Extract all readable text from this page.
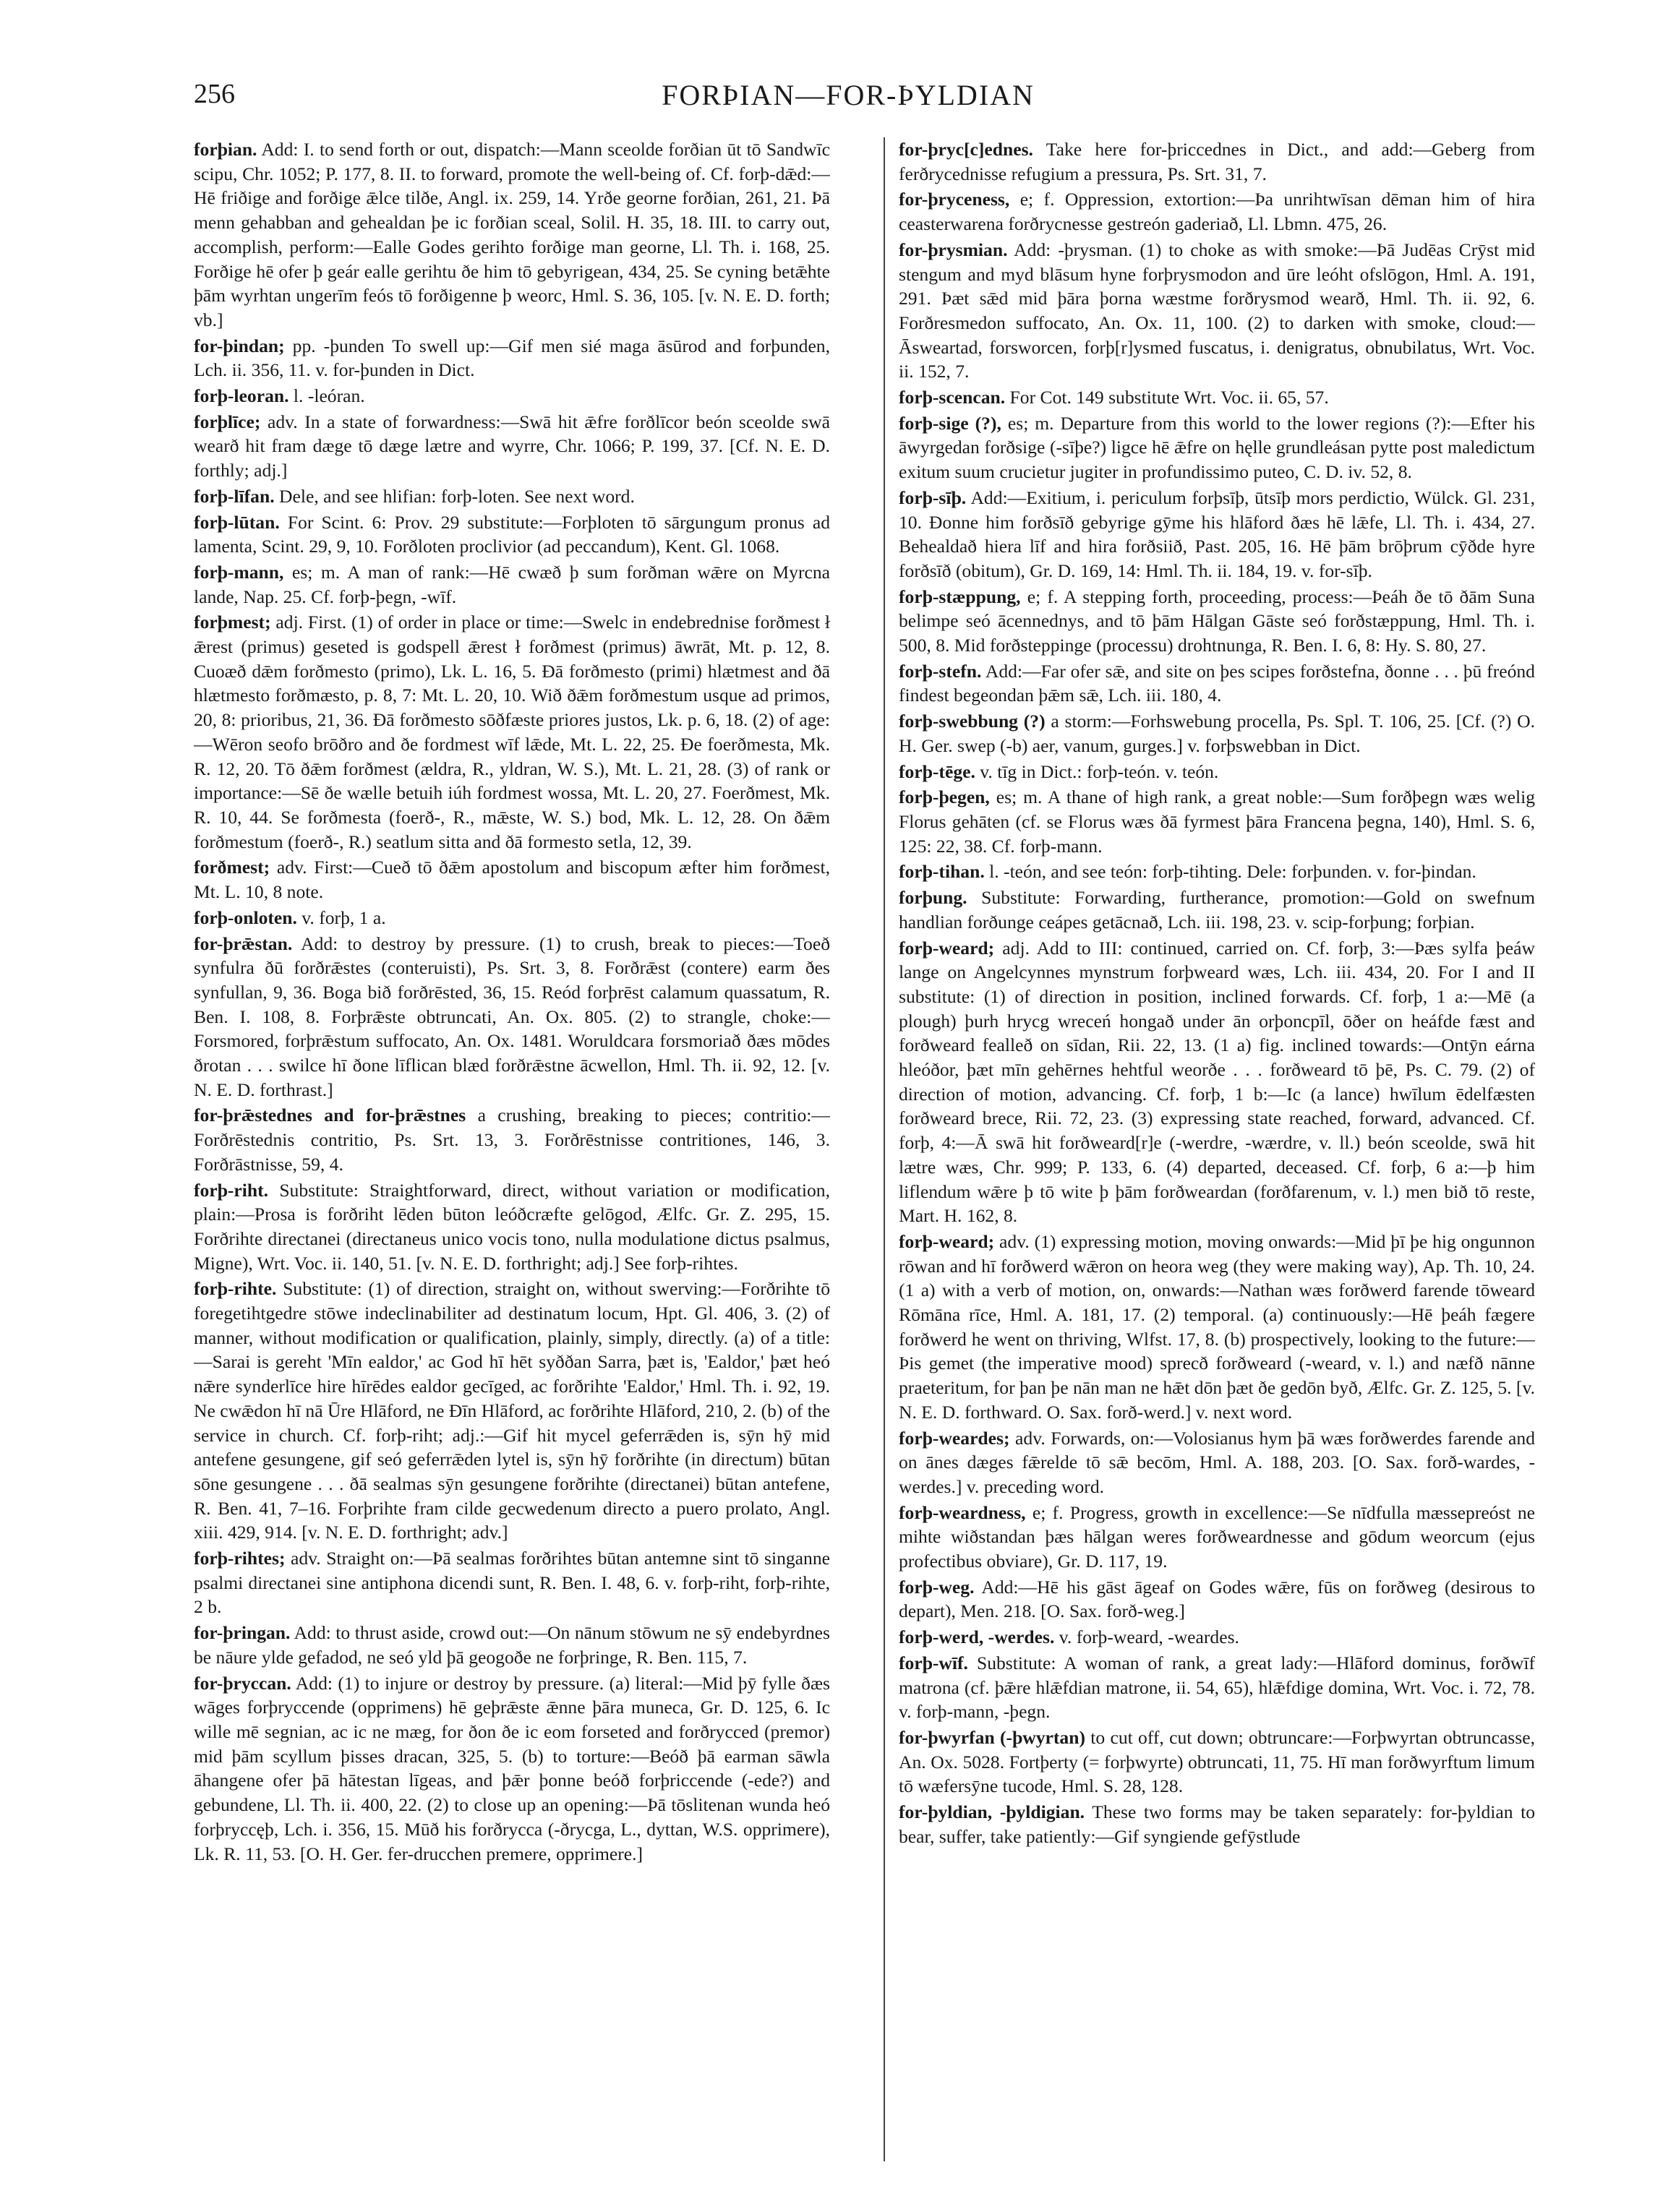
256	FORÞIAN—FOR-ÞYLDIAN

forþian. Add: I. to send forth or out, dispatch:—Mann sceolde forðian ūt tō Sandwīc scipu, Chr. 1052; P. 177, 8. II. to forward, promote the well-being of. Cf. forþ-dǣd:—Hē friðige and forðige ǣlce tilðe, Angl. ix. 259, 14. Yrðe georne forðian, 261, 21. Þā menn gehabban and gehealdan þe ic forðian sceal, Solil. H. 35, 18. III. to carry out, accomplish, perform:—Ealle Godes gerihto forðige man georne, Ll. Th. i. 168, 25. Forðige hē ofer þ geár ealle gerihtu ðe him tō gebyrigean, 434, 25. Se cyning betǣhte þām wyrhtan ungerīm feós tō forðigenne þ weorc, Hml. S. 36, 105. [v. N. E. D. forth; vb.]

for-þindan; pp. -þunden To swell up:—Gif men sié maga āsūrod and forþunden, Lch. ii. 356, 11. v. for-þunden in Dict.

forþ-leoran. l. -leóran.

forþlīce; adv. In a state of forwardness:—Swā hit ǣfre forðlīcor beón sceolde swā wearð hit fram dæge tō dæge lætre and wyrre, Chr. 1066; P. 199, 37. [Cf. N. E. D. forthly; adj.]

forþ-līfan. Dele, and see hlifian: forþ-loten. See next word.

forþ-lūtan. For Scint. 6: Prov. 29 substitute:—Forþloten tō sārgungum pronus ad lamenta, Scint. 29, 9, 10. Forðloten proclivior (ad peccandum), Kent. Gl. 1068.

forþ-mann, es; m. A man of rank:—Hē cwæð þ sum forðman wǣre on Myrcna lande, Nap. 25. Cf. forþ-þegn, -wīf.

forþmest; adj. First. (1) of order in place or time:—Swelc in endebrednise forðmest ł ǣrest (primus) geseted is godspell ǣrest ł forðmest (primus) āwrāt, Mt. p. 12, 8. Cuoæð dǣm forðmesto (primo), Lk. L. 16, 5. Ðā forðmesto (primi) hlætmest and ðā hlætmesto forðmæsto, p. 8, 7: Mt. L. 20, 10. Wið ðǣm forðmestum usque ad primos, 20, 8: prioribus, 21, 36. Ðā forðmesto sōðfæste priores justos, Lk. p. 6, 18. (2) of age:—Wēron seofo brōðro and ðe fordmest wīf lǣde, Mt. L. 22, 25. Ðe foerðmesta, Mk. R. 12, 20. Tō ðǣm forðmest (ældra, R., yldran, W. S.), Mt. L. 21, 28. (3) of rank or importance:—Sē ðe wælle betuih iúh fordmest wossa, Mt. L. 20, 27. Foerðmest, Mk. R. 10, 44. Se forðmesta (foerð-, R., mǣste, W. S.) bod, Mk. L. 12, 28. On ðǣm forðmestum (foerð-, R.) seatlum sitta and ðā formesto setla, 12, 39.

forðmest; adv. First:—Cueð tō ðǣm apostolum and biscopum æfter him forðmest, Mt. L. 10, 8 note.

forþ-onloten. v. forþ, 1 a.

for-þrǣstan. Add: to destroy by pressure. (1) to crush, break to pieces:—Toeð synfulra ðū forðrǣstes (conteruisti), Ps. Srt. 3, 8. Forðrǣst (contere) earm ðes synfullan, 9, 36. Boga bið forðrēsted, 36, 15. Reód forþrēst calamum quassatum, R. Ben. I. 108, 8. Forþrǣste obtruncati, An. Ox. 805. (2) to strangle, choke:—Forsmored, forþrǣstum suffocato, An. Ox. 1481. Woruldcara forsmoriað ðæs mōdes ðrotan . . . swilce hī ðone līflican blæd forðrǣstne ācwellon, Hml. Th. ii. 92, 12. [v. N. E. D. forthrast.]

for-þrǣstednes and for-þrǣstnes a crushing, breaking to pieces; contritio:—Forðrēstednis contritio, Ps. Srt. 13, 3. Forðrēstnisse contritiones, 146, 3. Forðrāstnisse, 59, 4.

forþ-riht. Substitute: Straightforward, direct, without variation or modification, plain:—Prosa is forðriht lēden būton leóðcræfte gelōgod, Ælfc. Gr. Z. 295, 15. Forðrihte directanei (directaneus unico vocis tono, nulla modulatione dictus psalmus, Migne), Wrt. Voc. ii. 140, 51. [v. N. E. D. forthright; adj.] See forþ-rihtes.

forþ-rihte. Substitute: (1) of direction, straight on, without swerving:—Forðrihte tō foregetihtgedre stōwe indeclinabiliter ad destinatum locum, Hpt. Gl. 406, 3. (2) of manner, without modification or qualification, plainly, simply, directly. (a) of a title:—Sarai is gereht 'Mīn ealdor,' ac God hī hēt syððan Sarra, þæt is, 'Ealdor,' þæt heó nǣre synderlīce hire hīrēdes ealdor gecīged, ac forðrihte 'Ealdor,' Hml. Th. i. 92, 19. Ne cwǣdon hī nā Ūre Hlāford, ne Ðīn Hlāford, ac forðrihte Hlāford, 210, 2. (b) of the service in church. Cf. forþ-riht; adj.:—Gif hit mycel geferrǣden is, sȳn hȳ mid antefene gesungene, gif seó geferrǣden lytel is, sȳn hȳ forðrihte (in directum) būtan sōne gesungene . . . ðā sealmas sȳn gesungene forðrihte (directanei) būtan antefene, R. Ben. 41, 7–16. Forþrihte fram cilde gecwedenum directo a puero prolato, Angl. xiii. 429, 914. [v. N. E. D. forthright; adv.]

forþ-rihtes; adv. Straight on:—Þā sealmas forðrihtes būtan antemne sint tō singanne psalmi directanei sine antiphona dicendi sunt, R. Ben. I. 48, 6. v. forþ-riht, forþ-rihte, 2 b.

for-þringan. Add: to thrust aside, crowd out:—On nānum stōwum ne sȳ endebyrdnes be nāure ylde gefadod, ne seó yld þā geogoðe ne forþringe, R. Ben. 115, 7.

for-þryccan. Add: (1) to injure or destroy by pressure. (a) literal:—Mid þȳ fylle ðæs wāges forþryccende (opprimens) hē geþrǣste ǣnne þāra muneca, Gr. D. 125, 6. Ic wille mē segnian, ac ic ne mæg, for ðon ðe ic eom forseted and forðrycced (premor) mid þām scyllum þisses dracan, 325, 5. (b) to torture:—Beóð þā earman sāwla āhangene ofer þā hātestan līgeas, and þǣr þonne beóð forþriccende (-ede?) and gebundene, Ll. Th. ii. 400, 22. (2) to close up an opening:—Þā tōslitenan wunda heó forþryccęþ, Lch. i. 356, 15. Mūð his forðrycca (-ðrycga, L., dyttan, W.S. opprimere), Lk. R. 11, 53. [O. H. Ger. fer-drucchen premere, opprimere.]

for-þryc[c]ednes. Take here for-þriccednes in Dict., and add:—Geberg from ferðrycednisse refugium a pressura, Ps. Srt. 31, 7.

for-þryceness, e; f. Oppression, extortion:—Þa unrihtwīsan dēman him of hira ceasterwarena forðrycnesse gestreón gaderiað, Ll. Lbmn. 475, 26.

for-þrysmian. Add: -þrysman. (1) to choke as with smoke:—Þā Judēas Crȳst mid stengum and myd blāsum hyne forþrysmodon and ūre leóht ofslōgon, Hml. A. 191, 291. Þæt sǣd mid þāra þorna wæstme forðrysmod wearð, Hml. Th. ii. 92, 6. Forðresmedon suffocato, An. Ox. 11, 100. (2) to darken with smoke, cloud:—Āsweartad, forsworcen, forþ[r]ysmed fuscatus, i. denigratus, obnubilatus, Wrt. Voc. ii. 152, 7.

forþ-scencan. For Cot. 149 substitute Wrt. Voc. ii. 65, 57.

forþ-sige (?), es; m. Departure from this world to the lower regions (?):—Efter his āwyrgedan forðsige (-sīþe?) ligce hē ǣfre on hęlle grundleásan pytte post maledictum exitum suum crucietur jugiter in profundissimo puteo, C. D. iv. 52, 8.

forþ-sīþ. Add:—Exitium, i. periculum forþsīþ, ūtsīþ mors perdictio, Wülck. Gl. 231, 10. Ðonne him forðsīð gebyrige gȳme his hlāford ðæs hē lǣfe, Ll. Th. i. 434, 27. Behealdað hiera līf and hira forðsiið, Past. 205, 16. Hē þām brōþrum cȳðde hyre forðsīð (obitum), Gr. D. 169, 14: Hml. Th. ii. 184, 19. v. for-sīþ.

forþ-stæppung, e; f. A stepping forth, proceeding, process:—Þeáh ðe tō ðām Suna belimpe seó ācennednys, and tō þām Hālgan Gāste seó forðstæppung, Hml. Th. i. 500, 8. Mid forðsteppinge (processu) drohtnunga, R. Ben. I. 6, 8: Hy. S. 80, 27.

forþ-stefn. Add:—Far ofer sǣ, and site on þes scipes forðstefna, ðonne . . . þū freónd findest begeondan þǣm sǣ, Lch. iii. 180, 4.

forþ-swebbung (?) a storm:—Forhswebung procella, Ps. Spl. T. 106, 25. [Cf. (?) O. H. Ger. swep (-b) aer, vanum, gurges.] v. forþswebban in Dict.

forþ-tēge. v. tīg in Dict.: forþ-teón. v. teón.

forþ-þegen, es; m. A thane of high rank, a great noble:—Sum forðþegn wæs welig Florus gehāten (cf. se Florus wæs ðā fyrmest þāra Francena þegna, 140), Hml. S. 6, 125: 22, 38. Cf. forþ-mann.

forþ-tihan. l. -teón, and see teón: forþ-tihting. Dele: forþunden. v. for-þindan.

forþung. Substitute: Forwarding, furtherance, promotion:—Gold on swefnum handlian forðunge ceápes getācnað, Lch. iii. 198, 23. v. scip-forþung; forþian.

forþ-weard; adj. Add to III: continued, carried on. Cf. forþ, 3:—Þæs sylfa þeáw lange on Angelcynnes mynstrum forþweard wæs, Lch. iii. 434, 20. For I and II substitute: (1) of direction in position, inclined forwards. Cf. forþ, 1 a:—Mē (a plough) þurh hrycg wreceń hongað under ān orþoncpīl, ōðer on heáfde fæst and forðweard fealleð on sīdan, Rii. 22, 13. (1 a) fig. inclined towards:—Ontȳn eárna hleóðor, þæt mīn gehērnes hehtful weorðe . . . forðweard tō þē, Ps. C. 79. (2) of direction of motion, advancing. Cf. forþ, 1 b:—Ic (a lance) hwīlum ēdelfæsten forðweard brece, Rii. 72, 23. (3) expressing state reached, forward, advanced. Cf. forþ, 4:—Ā swā hit forðweard[r]e (-werdre, -wærdre, v. ll.) beón sceolde, swā hit lætre wæs, Chr. 999; P. 133, 6. (4) departed, deceased. Cf. forþ, 6 a:—þ him liflendum wǣre þ tō wite þ þām forðweardan (forðfarenum, v. l.) men bið tō reste, Mart. H. 162, 8.

forþ-weard; adv. (1) expressing motion, moving onwards:—Mid þī þe hig ongunnon rōwan and hī forðwerd wǣron on heora weg (they were making way), Ap. Th. 10, 24. (1 a) with a verb of motion, on, onwards:—Nathan wæs forðwerd farende tōweard Rōmāna rīce, Hml. A. 181, 17. (2) temporal. (a) continuously:—Hē þeáh fægere forðwerd he went on thriving, Wlfst. 17, 8. (b) prospectively, looking to the future:—Þis gemet (the imperative mood) sprecð forðweard (-weard, v. l.) and næfð nānne praeteritum, for þan þe nān man ne hǣt dōn þæt ðe gedōn byð, Ælfc. Gr. Z. 125, 5. [v. N. E. D. forthward. O. Sax. forð-werd.] v. next word.

forþ-weardes; adv. Forwards, on:—Volosianus hym þā wæs forðwerdes farende and on ānes dæges fǣrelde tō sǣ becōm, Hml. A. 188, 203. [O. Sax. forð-wardes, -werdes.] v. preceding word.

forþ-weardness, e; f. Progress, growth in excellence:—Se nīdfulla mæssepreóst ne mihte wiðstandan þæs hālgan weres forðweardnesse and gōdum weorcum (ejus profectibus obviare), Gr. D. 117, 19.

forþ-weg. Add:—Hē his gāst āgeaf on Godes wǣre, fūs on forðweg (desirous to depart), Men. 218. [O. Sax. forð-weg.]

forþ-werd, -werdes. v. forþ-weard, -weardes.

forþ-wīf. Substitute: A woman of rank, a great lady:—Hlāford dominus, forðwīf matrona (cf. þǣre hlǣfdian matrone, ii. 54, 65), hlǣfdige domina, Wrt. Voc. i. 72, 78. v. forþ-mann, -þegn.

for-þwyrfan (-þwyrtan) to cut off, cut down; obtruncare:—Forþwyrtan obtruncasse, An. Ox. 5028. Fortþerty (= forþwyrte) obtruncati, 11, 75. Hī man forðwyrftum limum tō wæfersȳne tucode, Hml. S. 28, 128.

for-þyldian, -þyldigian. These two forms may be taken separately: for-þyldian to bear, suffer, take patiently:—Gif syngiende gefȳstlude
